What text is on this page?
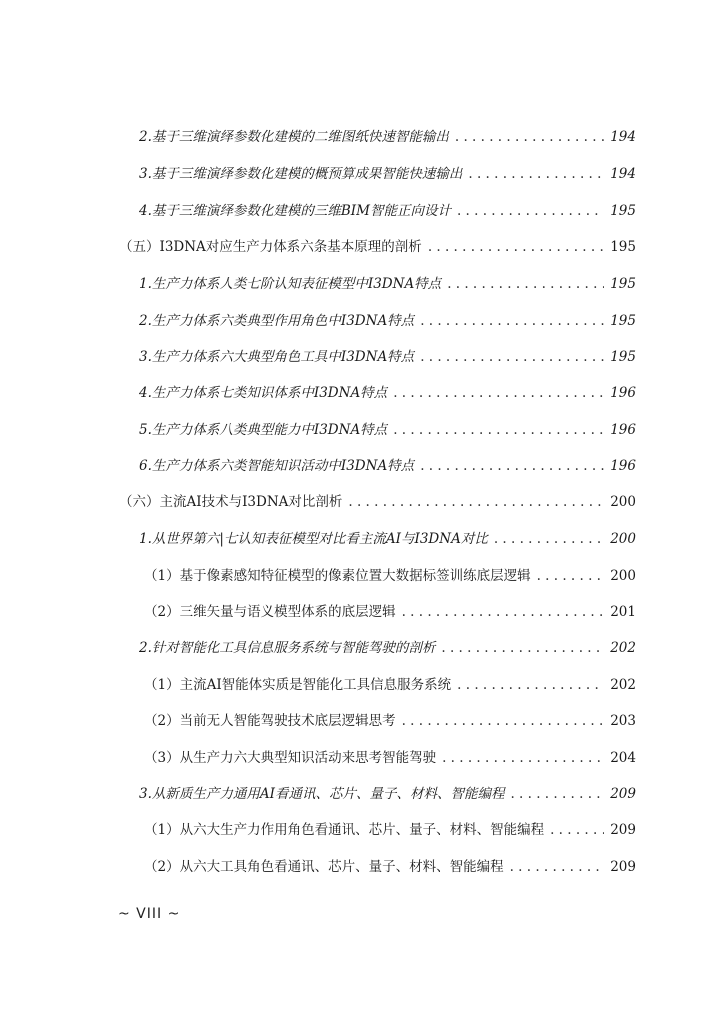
2.基于三维演绎参数化建模的二维图纸快速智能输出 . . .	194
3.基于三维演绎参数化建模的概预算成果智能快速输出 . . .	194
4.基于三维演绎参数化建模的三维BIM智能正向设计 . . .	195
（五）I3DNA对应生产力体系六条基本原理的剖析 . . .	195
1.生产力体系人类七阶认知表征模型中I3DNA特点 . . .	195
2.生产力体系六类典型作用角色中I3DNA特点 . . .	195
3.生产力体系六大典型角色工具中I3DNA特点 . . .	195
4.生产力体系七类知识体系中I3DNA特点 . . .	196
5.生产力体系八类典型能力中I3DNA特点 . . .	196
6.生产力体系六类智能知识活动中I3DNA特点 . . .	196
（六）主流AI技术与I3DNA对比剖析 . . .	200
1.从世界第六|七认知表征模型对比看主流AI与I3DNA对比 . . .	200
（1）基于像素感知特征模型的像素位置大数据标签训练底层逻辑 . . .	200
（2）三维矢量与语义模型体系的底层逻辑 . . .	201
2.针对智能化工具信息服务系统与智能驾驶的剖析 . . .	202
（1）主流AI智能体实质是智能化工具信息服务系统 . . .	202
（2）当前无人智能驾驶技术底层逻辑思考 . . .	203
（3）从生产力六大典型知识活动来思考智能驾驶 . . .	204
3.从新质生产力通用AI看通讯、芯片、量子、材料、智能编程 . . .	209
（1）从六大生产力作用角色看通讯、芯片、量子、材料、智能编程 . . .	209
（2）从六大工具角色看通讯、芯片、量子、材料、智能编程 . . .	209
~ VIII ~
